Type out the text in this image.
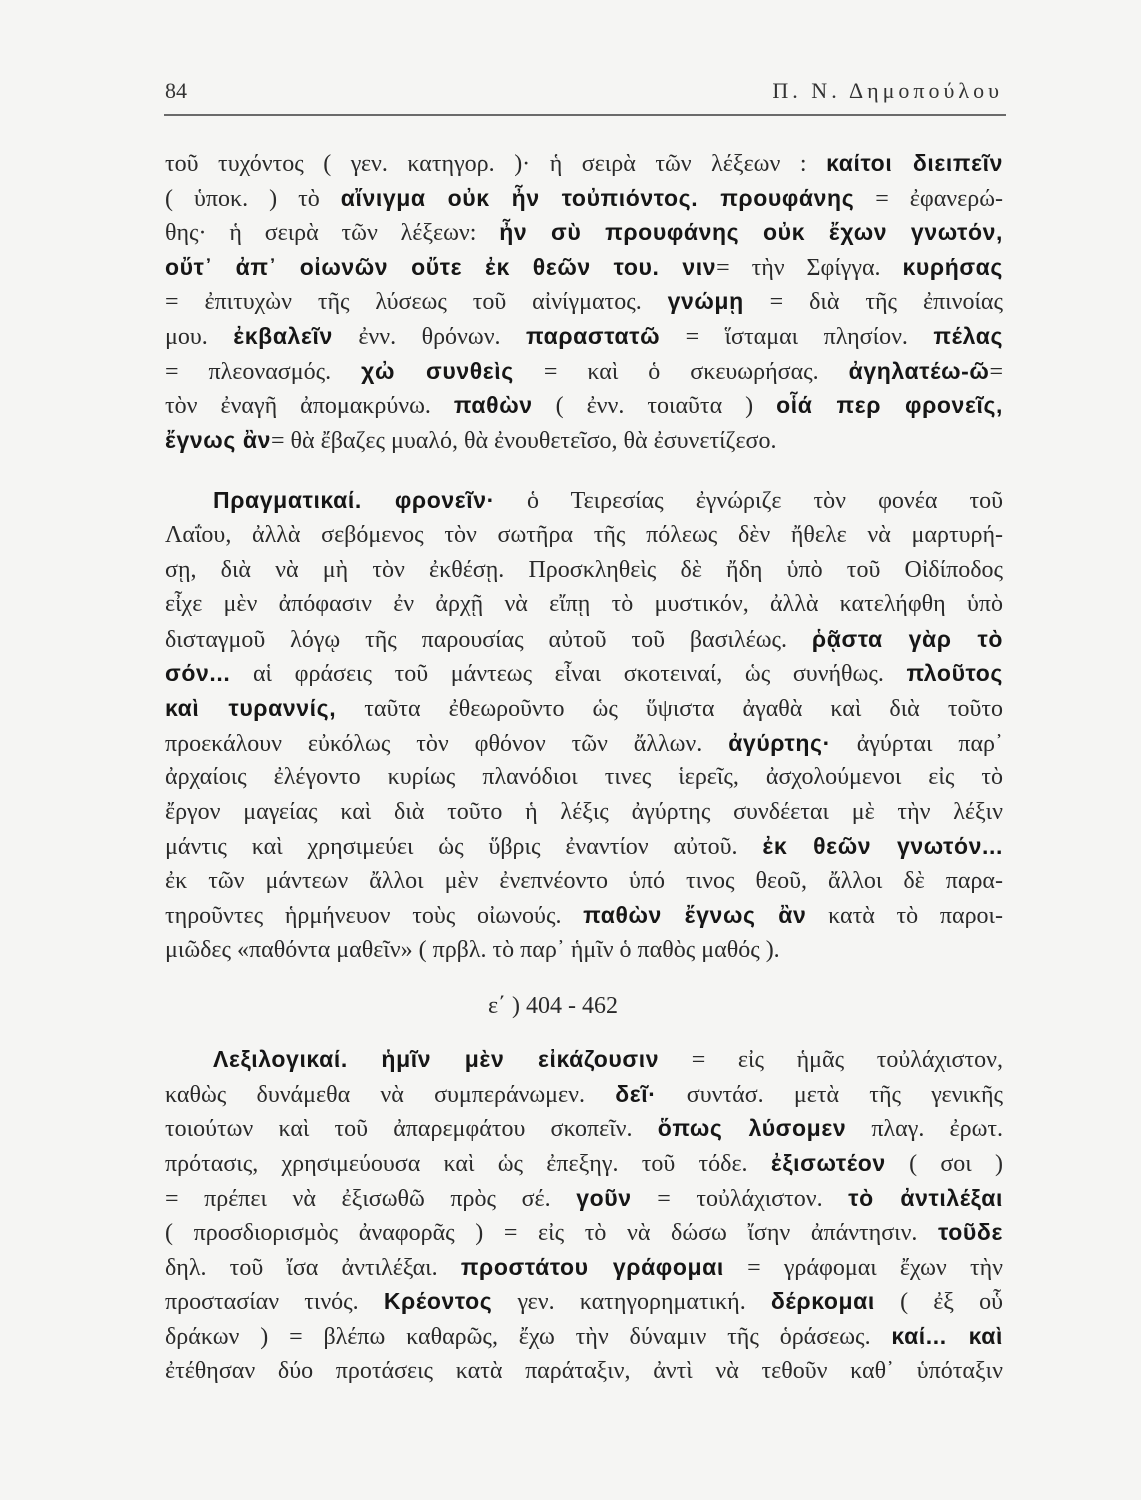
84	Π. Ν. Δημοπούλου
τοῦ τυχόντος ( γεν. κατηγορ. )· ἡ σειρὰ τῶν λέξεων : καίτοι διειπεῖν
( ὑποκ. ) τὸ αἴνιγμα οὐκ ἦν τοὐπιόντος. προυφάνης = ἐφανερώ-
θης· ἡ σειρὰ τῶν λέξεων: ἦν σὺ προυφάνης οὐκ ἔχων γνωτόν,
οὔτ᾽ ἀπ᾽ οἰωνῶν οὔτε ἐκ θεῶν του. νιν= τὴν Σφίγγα. κυρήσας
= ἐπιτυχὼν τῆς λύσεως τοῦ αἰνίγματος. γνώμῃ = διὰ τῆς ἐπινοίας
μου. ἐκβαλεῖν ἐνν. θρόνων. παραστατῶ = ἵσταμαι πλησίον. πέλας
= πλεονασμός. χὠ συνθεὶς = καὶ ὁ σκευωρήσας. ἀγηλατέω-ῶ=
τὸν ἐναγῆ ἀπομακρύνω. παθὼν ( ἐνν. τοιαῦτα ) οἷά περ φρονεῖς,
ἔγνως ἂν= θὰ ἔβαζες μυαλό, θὰ ἐνουθετεῖσο, θὰ ἐσυνετίζεσο.
Πραγματικαί. φρονεῖν· ὁ Τειρεσίας ἐγνώριζε τὸν φονέα τοῦ
Λαΐου, ἀλλὰ σεβόμενος τὸν σωτῆρα τῆς πόλεως δὲν ἤθελε νὰ μαρτυρή-
σῃ, διὰ νὰ μὴ τὸν ἐκθέσῃ. Προσκληθεὶς δὲ ἤδη ὑπὸ τοῦ Οἰδίποδος
εἶχε μὲν ἀπόφασιν ἐν ἀρχῇ νὰ εἴπῃ τὸ μυστικόν, ἀλλὰ κατελήφθη ὑπὸ
δισταγμοῦ λόγῳ τῆς παρουσίας αὐτοῦ τοῦ βασιλέως. ῥᾷστα γὰρ τὸ
σόν... αἱ φράσεις τοῦ μάντεως εἶναι σκοτειναί, ὡς συνήθως. πλοῦτος
καὶ τυραννίς, ταῦτα ἐθεωροῦντο ὡς ὕψιστα ἀγαθὰ καὶ διὰ τοῦτο
προεκάλουν εὐκόλως τὸν φθόνον τῶν ἄλλων. ἀγύρτης· ἀγύρται παρ᾽
ἀρχαίοις ἐλέγοντο κυρίως πλανόδιοι τινες ἱερεῖς, ἀσχολούμενοι εἰς τὸ
ἔργον μαγείας καὶ διὰ τοῦτο ἡ λέξις ἀγύρτης συνδέεται μὲ τὴν λέξιν
μάντις καὶ χρησιμεύει ὡς ὕβρις ἐναντίον αὐτοῦ. ἐκ θεῶν γνωτόν...
ἐκ τῶν μάντεων ἄλλοι μὲν ἐνεπνέοντο ὑπό τινος θεοῦ, ἄλλοι δὲ παρα-
τηροῦντες ἡρμήνευον τοὺς οἰωνούς. παθὼν ἔγνως ἂν κατὰ τὸ παροι-
μιῶδες «παθόντα μαθεῖν» ( πρβλ. τὸ παρ᾽ ἡμῖν ὁ παθὸς μαθός ).
ε΄ ) 404 - 462
Λεξιλογικαί. ἡμῖν μὲν εἰκάζουσιν = εἰς ἡμᾶς τοὐλάχιστον,
καθὼς δυνάμεθα νὰ συμπεράνωμεν. δεῖ· συντάσ. μετὰ τῆς γενικῆς
τοιούτων καὶ τοῦ ἀπαρεμφάτου σκοπεῖν. ὅπως λύσομεν πλαγ. ἐρωτ.
πρότασις, χρησιμεύουσα καὶ ὡς ἐπεξηγ. τοῦ τόδε. ἐξισωτέον ( σοι )
= πρέπει νὰ ἐξισωθῶ πρὸς σέ. γοῦν = τοὐλάχιστον. τὸ ἀντιλέξαι
( προσδιορισμὸς ἀναφορᾶς ) = εἰς τὸ νὰ δώσω ἴσην ἀπάντησιν. τοῦδε
δηλ. τοῦ ἴσα ἀντιλέξαι. προστάτου γράφομαι = γράφομαι ἔχων τὴν
προστασίαν τινός. Κρέοντος γεν. κατηγορηματική. δέρκομαι ( ἐξ οὗ
δράκων ) = βλέπω καθαρῶς, ἔχω τὴν δύναμιν τῆς ὁράσεως. καί... καὶ
ἐτέθησαν δύο προτάσεις κατὰ παράταξιν, ἀντὶ νὰ τεθοῦν καθ᾽ ὑπόταξιν
